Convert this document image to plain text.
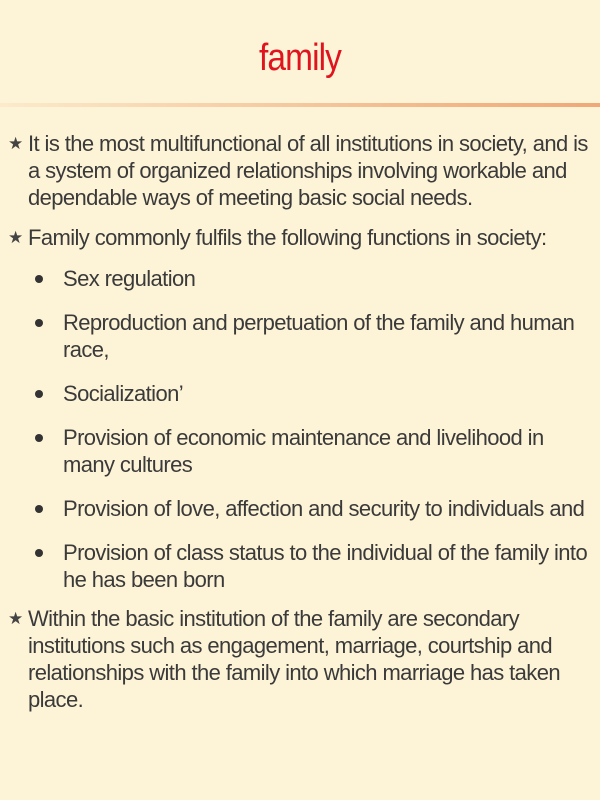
family
★ It is the most multifunctional of all institutions in society, and is a system of organized relationships involving workable and dependable ways of meeting basic social needs.
★ Family commonly fulfils the following functions in society:
Sex regulation
Reproduction and perpetuation of the family and human race,
Socialization’
Provision of economic maintenance and livelihood in many cultures
Provision of love, affection and security to individuals and
Provision of class status to the individual of the family into he has been born
★ Within the basic institution of the family are secondary institutions such as engagement, marriage, courtship and relationships with the family into which marriage has taken place.
